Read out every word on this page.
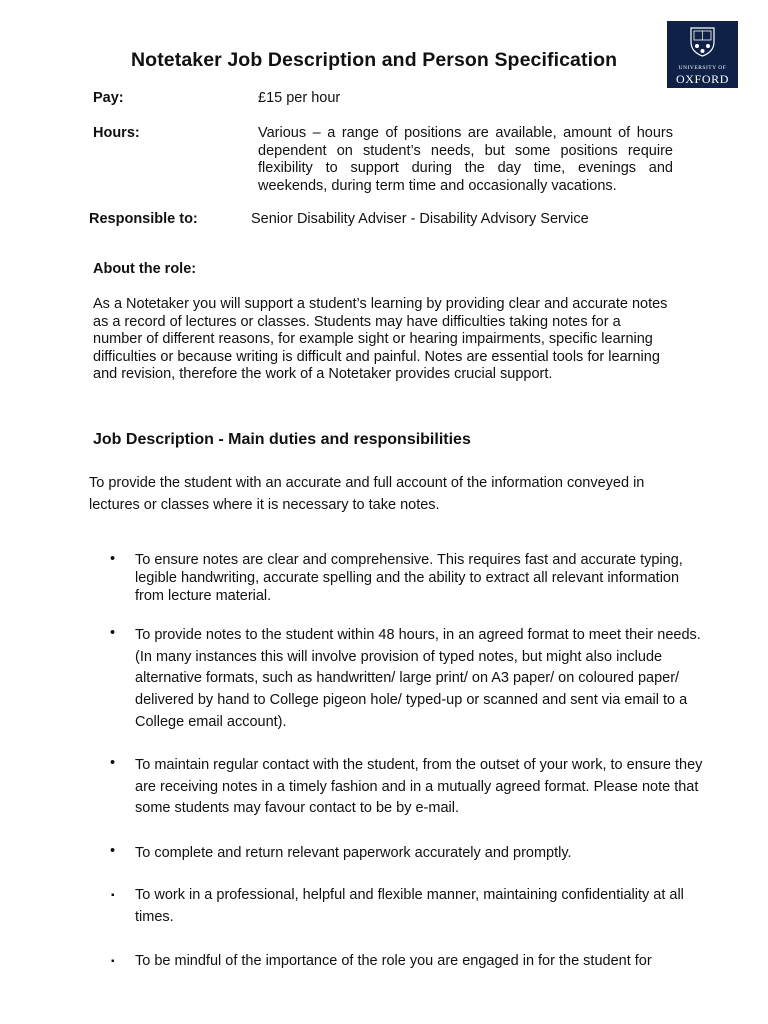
Notetaker Job Description and Person Specification	UNIVERSITY OF
OXFORD
Pay:	£15 per hour
Hours:	Various – a range of positions are available, amount of hours dependent on student’s needs, but some positions require flexibility to support during the day time, evenings and weekends, during term time and occasionally vacations.
Responsible to:	Senior Disability Adviser - Disability Advisory Service
About the role:
As a Notetaker you will support a student’s learning by providing clear and accurate notes as a record of lectures or classes. Students may have difficulties taking notes for a number of different reasons, for example sight or hearing impairments, specific learning difficulties or because writing is difficult and painful. Notes are essential tools for learning and revision, therefore the work of a Notetaker provides crucial support.
Job Description - Main duties and responsibilities
To provide the student with an accurate and full account of the information conveyed in lectures or classes where it is necessary to take notes.
• To ensure notes are clear and comprehensive. This requires fast and accurate typing, legible handwriting, accurate spelling and the ability to extract all relevant information from lecture material.
• To provide notes to the student within 48 hours, in an agreed format to meet their needs. (In many instances this will involve provision of typed notes, but might also include alternative formats, such as handwritten/ large print/ on A3 paper/ on coloured paper/ delivered by hand to College pigeon hole/ typed-up or scanned and sent via email to a College email account).
• To maintain regular contact with the student, from the outset of your work, to ensure they are receiving notes in a timely fashion and in a mutually agreed format. Please note that some students may favour contact to be by e-mail.
• To complete and return relevant paperwork accurately and promptly.
▪ To work in a professional, helpful and flexible manner, maintaining confidentiality at all times.
▪ To be mindful of the importance of the role you are engaged in for the student for
